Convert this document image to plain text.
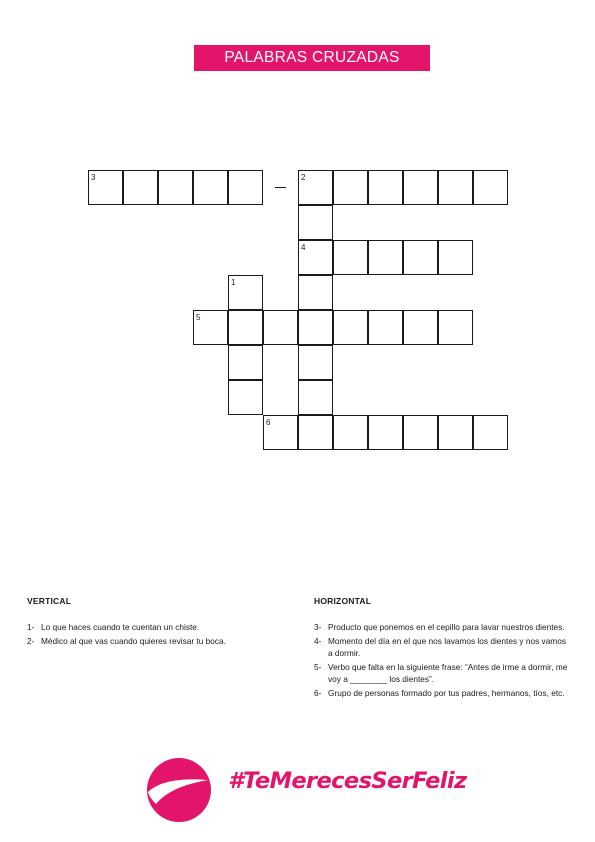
PALABRAS CRUZADAS
3	2
4
1
5
6
VERTICAL
1- Lo que haces cuando te cuentan un chiste.
2- Médico al que vas cuando quieres revisar tu boca.
HORIZONTAL
3- Producto que ponemos en el cepillo para lavar nuestros dientes.
4- Momento del día en el que nos lavamos los dientes y nos vamos a dormir.
5- Verbo que falta en la siguiente frase: “Antes de irme a dormir, me voy a ________ los dientes”.
6- Grupo de personas formado por tus padres, hermanos, tíos, etc.
#TeMerecesSerFeliz
